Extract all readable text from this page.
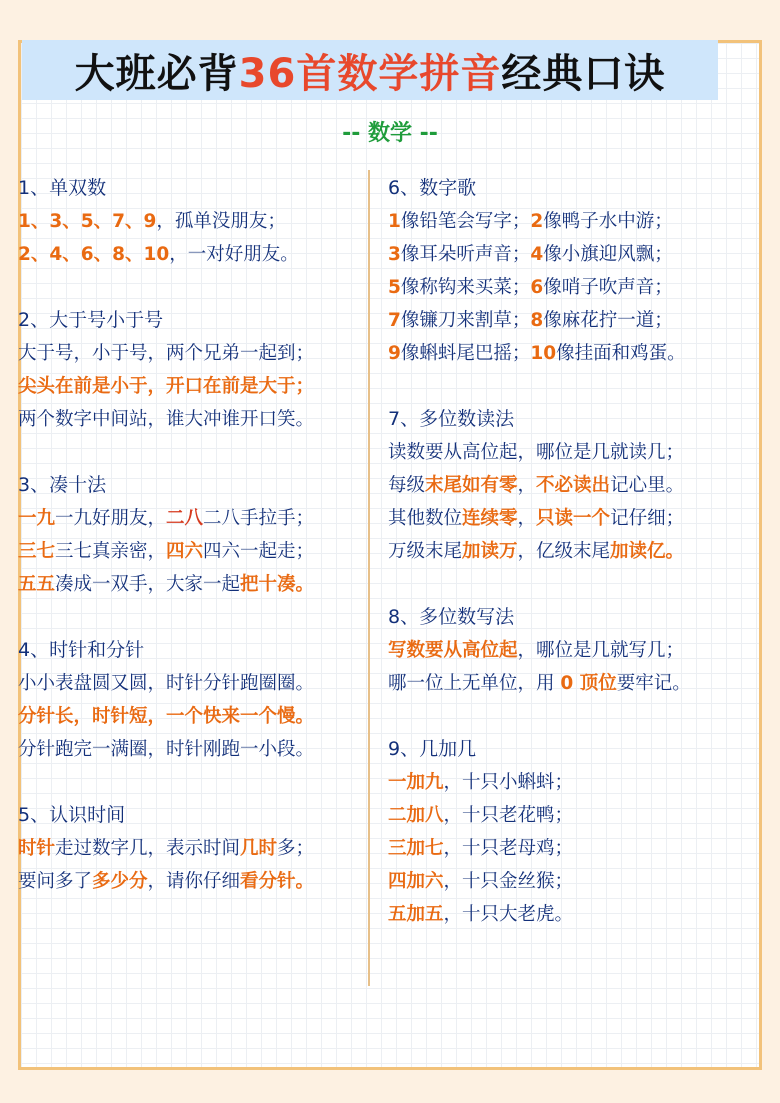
大班必背 36首数学拼音 经典口诀
-- 数学 --
1、单双数
1、3、5、7、9，孤单没朋友；
2、4、6、8、10，一对好朋友。
2、大于号小于号
大于号，小于号，两个兄弟一起到；
尖头在前是小于，开口在前是大于；
两个数字中间站，谁大冲谁开口笑。
3、凑十法
一九一九好朋友，二八二八手拉手；
三七三七真亲密，四六四六一起走；
五五凑成一双手，大家一起把十凑。
4、时针和分针
小小表盘圆又圆，时针分针跑圈圈。
分针长，时针短，一个快来一个慢。
分针跑完一满圈，时针刚跑一小段。
5、认识时间
时针走过数字几，表示时间几时多；
要问多了多少分，请你仔细看分针。
6、数字歌
1像铅笔会写字；2像鸭子水中游；
3像耳朵听声音；4像小旗迎风飘；
5像称钩来买菜；6像哨子吹声音；
7像镰刀来割草；8像麻花拧一道；
9像蝌蚪尾巴摇；10像挂面和鸡蛋。
7、多位数读法
读数要从高位起，哪位是几就读几；
每级末尾如有零，不必读出记心里。
其他数位连续零，只读一个记仔细；
万级末尾加读万，亿级末尾加读亿。
8、多位数写法
写数要从高位起，哪位是几就写几；
哪一位上无单位，用 0 顶位要牢记。
9、几加几
一加九，十只小蝌蚪；
二加八，十只老花鸭；
三加七，十只老母鸡；
四加六，十只金丝猴；
五加五，十只大老虎。
